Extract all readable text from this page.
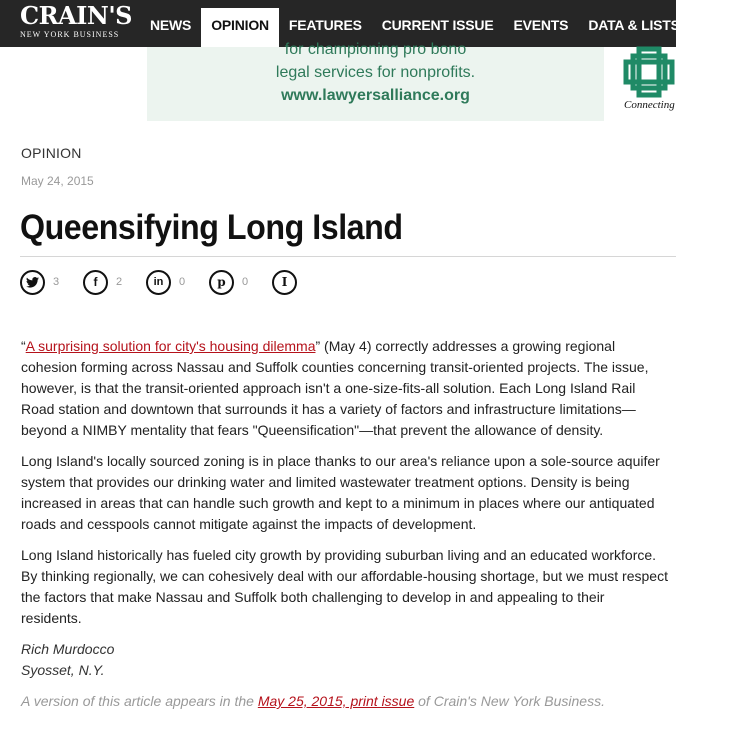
CRAIN'S
NEW YORK BUSINESS
NEWS	OPINION	FEATURES	CURRENT ISSUE	EVENTS	DATA & LISTS	VIDEO
for championing pro bono
legal services for nonprofits.
www.lawyersalliance.org
Connecting
OPINION
May 24, 2015
Queensifying Long Island
3	f	2	in	0	p	0	I

“A surprising solution for city's housing dilemma” (May 4) correctly addresses a growing regional cohesion forming across Nassau and Suffolk counties concerning transit-oriented projects. The issue, however, is that the transit-oriented approach isn't a one-size-fits-all solution. Each Long Island Rail Road station and downtown that surrounds it has a variety of factors and infrastructure limitations—beyond a NIMBY mentality that fears "Queensification"—that prevent the allowance of density.

Long Island's locally sourced zoning is in place thanks to our area's reliance upon a sole-source aquifer system that provides our drinking water and limited wastewater treatment options. Density is being increased in areas that can handle such growth and kept to a minimum in places where our antiquated roads and cesspools cannot mitigate against the impacts of development.

Long Island historically has fueled city growth by providing suburban living and an educated workforce. By thinking regionally, we can cohesively deal with our affordable-housing shortage, but we must respect the factors that make Nassau and Suffolk both challenging to develop in and appealing to their residents.

Rich Murdocco
Syosset, N.Y.
A version of this article appears in the May 25, 2015, print issue of Crain's New York Business.
